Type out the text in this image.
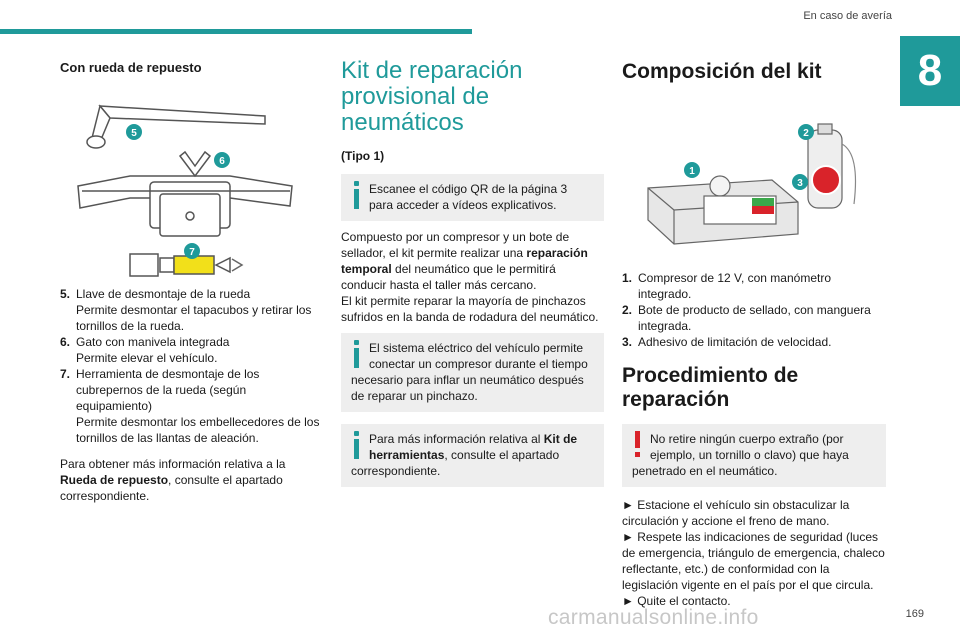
En caso de avería
8

Con rueda de repuesto

5
6
7
5. Llave de desmontaje de la rueda
Permite desmontar el tapacubos y retirar los tornillos de la rueda.
6. Gato con manivela integrada
Permite elevar el vehículo.
7. Herramienta de desmontaje de los cubrepernos de la rueda (según equipamiento)
Permite desmontar los embellecedores de los tornillos de las llantas de aleación.

Para obtener más información relativa a la Rueda de repuesto, consulte el apartado correspondiente.

Kit de reparación provisional de neumáticos

(Tipo 1)

Escanee el código QR de la página 3 para acceder a vídeos explicativos.

Compuesto por un compresor y un bote de sellador, el kit permite realizar una reparación temporal del neumático que le permitirá conducir hasta el taller más cercano.

El kit permite reparar la mayoría de pinchazos sufridos en la banda de rodadura del neumático.

El sistema eléctrico del vehículo permite conectar un compresor durante el tiempo necesario para inflar un neumático después de reparar un pinchazo.

Para más información relativa al Kit de herramientas, consulte el apartado correspondiente.

Composición del kit

1
2
3
1. Compresor de 12 V, con manómetro integrado.
2. Bote de producto de sellado, con manguera integrada.
3. Adhesivo de limitación de velocidad.

Procedimiento de reparación

No retire ningún cuerpo extraño (por ejemplo, un tornillo o clavo) que haya penetrado en el neumático.

► Estacione el vehículo sin obstaculizar la circulación y accione el freno de mano.

► Respete las indicaciones de seguridad (luces de emergencia, triángulo de emergencia, chaleco reflectante, etc.) de conformidad con la legislación vigente en el país por el que circula.

► Quite el contacto.

carmanualsonline.info	169
